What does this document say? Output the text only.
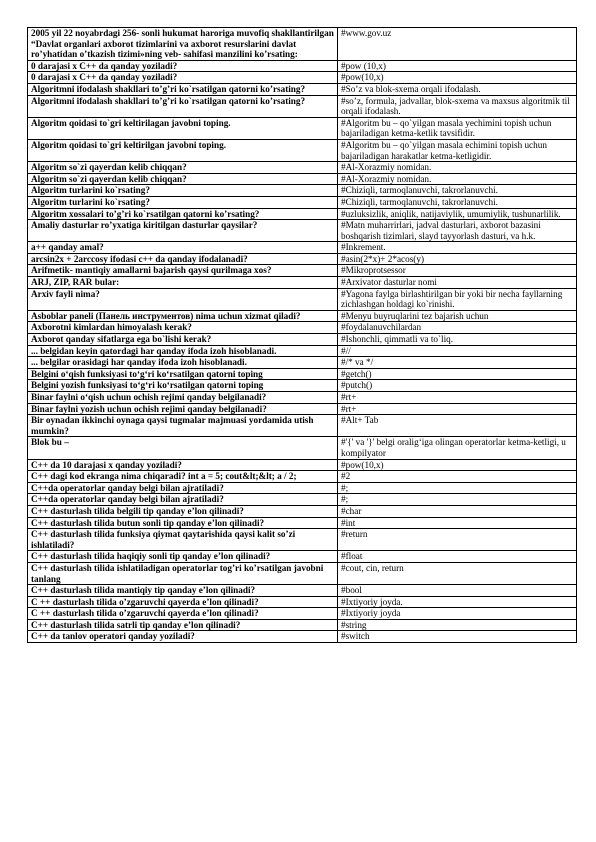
2005 yil 22 noyabrdagi 256- sonli hukumat haroriga muvofiq shakllantirilgan “Davlat organlari axborot tizimlarini va axborot resurslarini davlat ro’yhatidan o’tkazish tizimi»ning veb- sahifasi manzilini ko’rsating:	#www.gov.uz
0 darajasi x C++ da qanday yoziladi?	#pow (10,x)
0 darajasi x C++ da qanday yoziladi?	#pow(10,x)
Algoritmni ifodalash shakllari to’g’ri ko`rsatilgan qatorni ko’rsating?	#So’z va blok-sxema orqali ifodalash.
Algoritmni ifodalash shakllari to’g’ri ko`rsatilgan qatorni ko’rsating?	#so’z, formula, jadvallar, blok-sxema va maxsus algoritmik til orqali ifodalash.
Algoritm qoidasi to`gri keltirilagan javobni toping.	#Algoritm bu – qo`yilgan masala yechimini topish uchun bajariladigan ketma-ketlik tavsifidir.
Algoritm qoidasi to`gri keltirilgan javobni toping.	#Algoritm bu – qo`yilgan masala echimini topish uchun bajariladigan harakatlar ketma-ketligidir.
Algoritm so`zi qayerdan kelib chiqqan?	#Al-Xorazmiy nomidan.
Algoritm so`zi qayerdan kelib chiqqan?	#Al-Xorazmiy nomidan.
Algoritm turlarini ko`rsating?	#Chiziqli, tarmoqlanuvchi, takrorlanuvchi.
Algoritm turlarini ko`rsating?	#Chiziqli, tarmoqlanuvchi, takrorlanuvchi.
Algoritm xossalari to’g’ri ko`rsatilgan qatorni ko’rsating?	#uzluksizlik, aniqlik, natijaviylik, umumiylik, tushunarlilik.
Amaliy dasturlar ro’yxatiga kiritilgan dasturlar qaysilar?	#Matn muharrirlari, jadval dasturlari, axborot bazasini boshqarish tizimlari, slayd tayyorlash dasturi, va h.k.
a++ qanday amal?	#Inkrement.
arcsin2x + 2arccosy ifodasi c++ da qanday ifodalanadi?	#asin(2*x)+ 2*acos(y)
Arifmetik- mantiqiy amallarni bajarish qaysi qurilmaga xos?	#Mikroprotsessor
ARJ, ZIP, RAR bular:	#Arxivator dasturlar nomi
Arxiv fayli nima?	#Yagona faylga birlashtirilgan bir yoki bir necha fayllarning zichlashgan holdagi ko`rinishi.
Asboblar paneli (Панель инструментов) nima uchun xizmat qiladi?	#Menyu buyruqlarini tez bajarish uchun
Axborotni kimlardan himoyalash kerak?	#foydalanuvchilardan
Axborot qanday sifatlarga ega bo`lishi kerak?	#Ishonchli, qimmatli va to`liq.
... belgidan keyin qatordagi har qanday ifoda izoh hisoblanadi.	#//
... belgilar orasidagi har qanday ifoda izoh hisoblanadi.	#/* va */
Belgini o‘qish funksiyasi to‘g‘ri ko‘rsatilgan qatorni toping	#getch()
Belgini yozish funksiyasi to‘g‘ri ko‘rsatilgan qatorni toping	#putch()
Binar faylni o‘qish uchun ochish rejimi qanday belgilanadi?	#rt+
Binar faylni yozish uchun ochish rejimi qanday belgilanadi?	#rt+
Bir oynadan ikkinchi oynaga qaysi tugmalar majmuasi yordamida utish mumkin?	#Alt+ Tab
Blok bu –	#'{' va '}' belgi oralig‘iga olingan operatorlar ketma-ketligi, u kompilyator
C++ da 10 darajasi x qanday yoziladi?	#pow(10,x)
C++ dagi kod ekranga nima chiqaradi? int a = 5; cout&lt;&lt; a / 2;	#2
C++da operatorlar qanday belgi bilan ajratiladi?	#;
C++da operatorlar qanday belgi bilan ajratiladi?	#;
C++ dasturlash tilida belgili tip qanday e’lon qilinadi?	#char
C++ dasturlash tilida butun sonli tip qanday e’lon qilinadi?	#int
C++ dasturlash tilida funksiya qiymat qaytarishida qaysi kalit so’zi ishlatiladi?	#return
C++ dasturlash tilida haqiqiy sonli tip qanday e’lon qilinadi?	#float
C++ dasturlash tilida ishlatiladigan operatorlar tog’ri ko’rsatilgan javobni tanlang	#cout, cin, return
C++ dasturlash tilida mantiqiy tip qanday e’lon qilinadi?	#bool
C ++ dasturlash tilida o’zgaruvchi qayerda e’lon qilinadi?	#Ixtiyoriy joyda.
C ++ dasturlash tilida o’zgaruvchi qayerda e’lon qilinadi?	#Ixtiyoriy joyda
C++ dasturlash tilida satrli tip qanday e’lon qilinadi?	#string
C++ da tanlov operatori qanday yoziladi?	#switch
